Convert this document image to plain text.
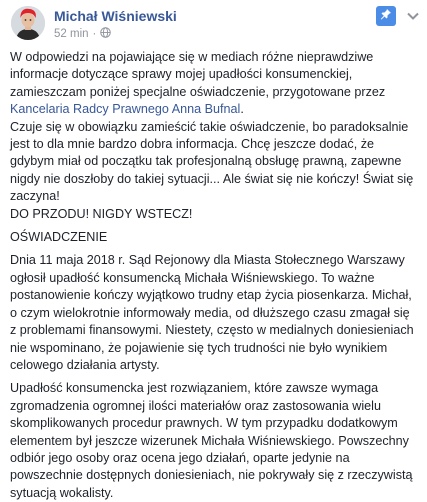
Michał Wiśniewski
52 min ·

W odpowiedzi na pojawiające się w mediach różne nieprawdziwe

informacje dotyczące sprawy mojej upadłości konsumenckiej,

zamieszczam poniżej specjalne oświadczenie, przygotowane przez

Kancelaria Radcy Prawnego Anna Bufnal.

Czuje się w obowiązku zamieścić takie oświadczenie, bo paradoksalnie

jest to dla mnie bardzo dobra informacja. Chcę jeszcze dodać, że

gdybym miał od początku tak profesjonalną obsługę prawną, zapewne

nigdy nie doszłoby do takiej sytuacji... Ale świat się nie kończy! Świat się

zaczyna!

DO PRZODU! NIGDY WSTECZ!

OŚWIADCZENIE

Dnia 11 maja 2018 r. Sąd Rejonowy dla Miasta Stołecznego Warszawy

ogłosił upadłość konsumencką Michała Wiśniewskiego. To ważne

postanowienie kończy wyjątkowo trudny etap życia piosenkarza. Michał,

o czym wielokrotnie informowały media, od dłuższego czasu zmagał się

z problemami finansowymi. Niestety, często w medialnych doniesieniach

nie wspominano, że pojawienie się tych trudności nie było wynikiem

celowego działania artysty.

Upadłość konsumencka jest rozwiązaniem, które zawsze wymaga

zgromadzenia ogromnej ilości materiałów oraz zastosowania wielu

skomplikowanych procedur prawnych. W tym przypadku dodatkowym

elementem był jeszcze wizerunek Michała Wiśniewskiego. Powszechny

odbiór jego osoby oraz ocena jego działań, oparte jedynie na

powszechnie dostępnych doniesieniach, nie pokrywały się z rzeczywistą

sytuacją wokalisty.
